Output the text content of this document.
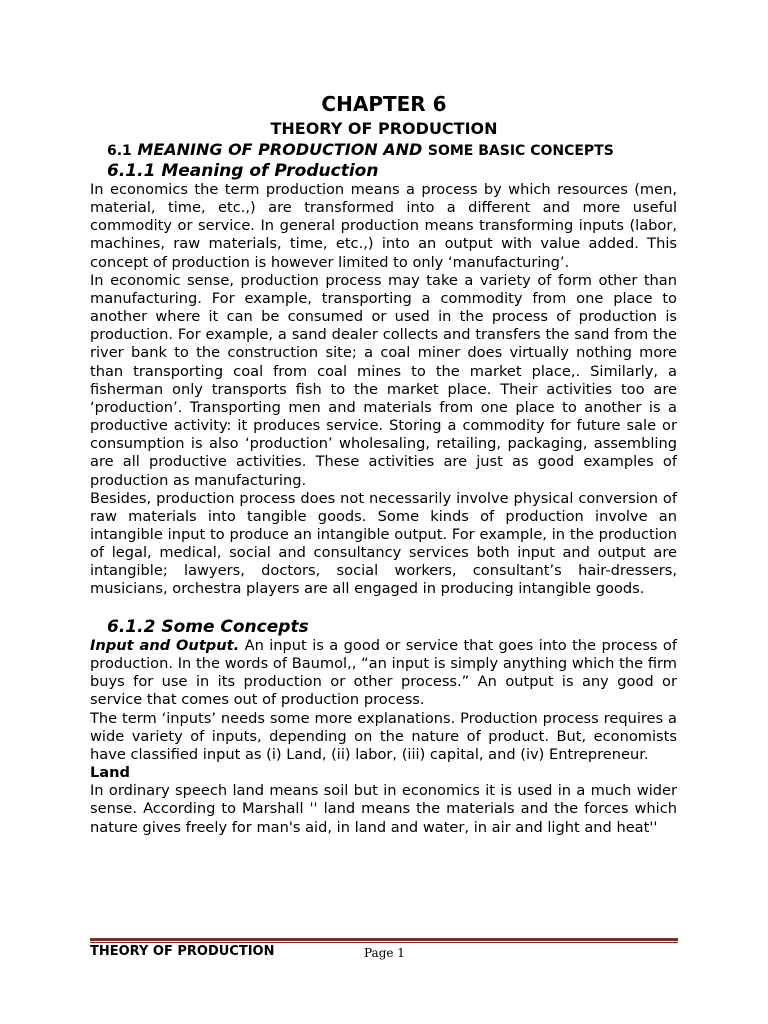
CHAPTER 6
THEORY OF PRODUCTION
6.1 MEANING OF PRODUCTION AND SOME BASIC CONCEPTS
6.1.1 Meaning of Production

In economics the term production means a process by which resources (men, material, time, etc.,) are transformed into a different and more useful commodity or service. In general production means transforming inputs (labor, machines, raw materials, time, etc.,) into an output with value added. This concept of production is however limited to only ‘manufacturing’.

In economic sense, production process may take a variety of form other than manufacturing. For example, transporting a commodity from one place to another where it can be consumed or used in the process of production is production. For example, a sand dealer collects and transfers the sand from the river bank to the construction site; a coal miner does virtually nothing more than transporting coal from coal mines to the market place,. Similarly, a fisherman only transports fish to the market place. Their activities too are ‘production’. Transporting men and materials from one place to another is a productive activity: it produces service. Storing a commodity for future sale or consumption is also ‘production’ wholesaling, retailing, packaging, assembling are all productive activities. These activities are just as good examples of production as manufacturing.

Besides, production process does not necessarily involve physical conversion of raw materials into tangible goods. Some kinds of production involve an intangible input to produce an intangible output. For example, in the production of legal, medical, social and consultancy services both input and output are intangible; lawyers, doctors, social workers, consultant’s hair-dressers, musicians, orchestra players are all engaged in producing intangible goods.

6.1.2 Some Concepts

Input and Output. An input is a good or service that goes into the process of production. In the words of Baumol,, “an input is simply anything which the firm buys for use in its production or other process.” An output is any good or service that comes out of production process.

The term ‘inputs’ needs some more explanations. Production process requires a wide variety of inputs, depending on the nature of product. But, economists have classified input as (i) Land, (ii) labor, (iii) capital, and (iv) Entrepreneur.

Land

In ordinary speech land means soil but in economics it is used in a much wider sense. According to Marshall '' land means the materials and the forces which nature gives freely for man's aid, in land and water, in air and light and heat''

THEORY OF PRODUCTION	Page 1
